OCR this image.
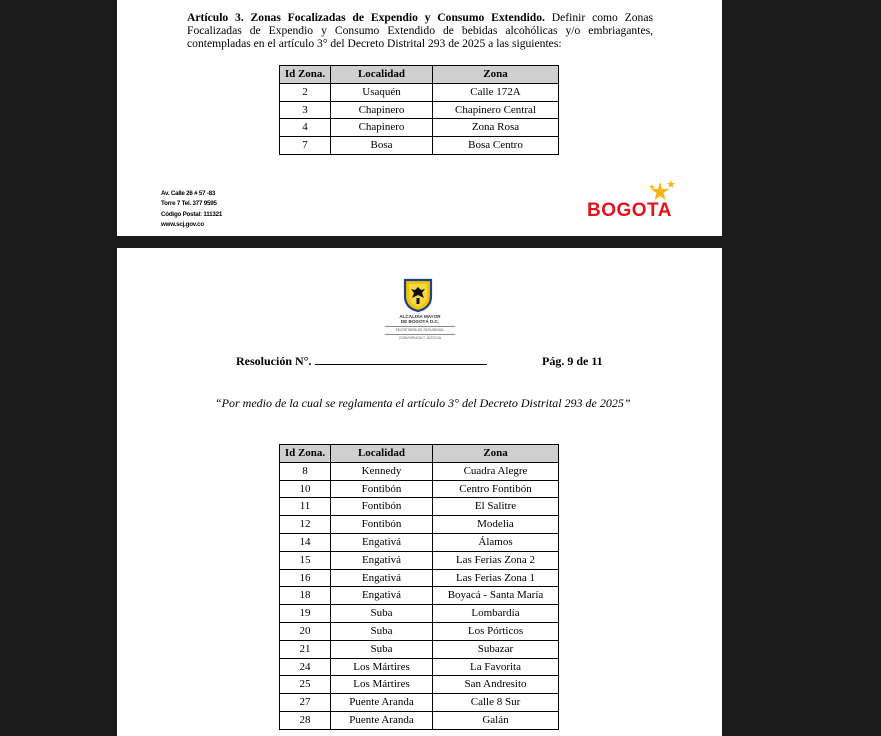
Artículo 3. Zonas Focalizadas de Expendio y Consumo Extendido. Definir como Zonas Focalizadas de Expendio y Consumo Extendido de bebidas alcohólicas y/o embriagantes, contempladas en el artículo 3° del Decreto Distrital 293 de 2025 a las siguientes:
Id Zona.	Localidad	Zona
2	Usaquén	Calle 172A
3	Chapinero	Chapinero Central
4	Chapinero	Zona Rosa
7	Bosa	Bosa Centro
Av. Calle 26 # 57 -83
Torre 7 Tel. 377 9595
Código Postal: 111321
www.scj.gov.co
BOGOTA
ALCALDÍA MAYOR
DE BOGOTÁ D.C.
SECRETARÍA DE SEGURIDAD,
CONVIVENCIA Y JUSTICIA
Resolución N°.	Pág. 9 de 11
“Por medio de la cual se reglamenta el artículo 3° del Decreto Distrital 293 de 2025”
Id Zona.	Localidad	Zona
8	Kennedy	Cuadra Alegre
10	Fontibón	Centro Fontibón
11	Fontibón	El Salitre
12	Fontibón	Modelia
14	Engativá	Álamos
15	Engativá	Las Ferias Zona 2
16	Engativá	Las Ferias Zona 1
18	Engativá	Boyacá - Santa María
19	Suba	Lombardía
20	Suba	Los Pórticos
21	Suba	Subazar
24	Los Mártires	La Favorita
25	Los Mártires	San Andresito
27	Puente Aranda	Calle 8 Sur
28	Puente Aranda	Galán
